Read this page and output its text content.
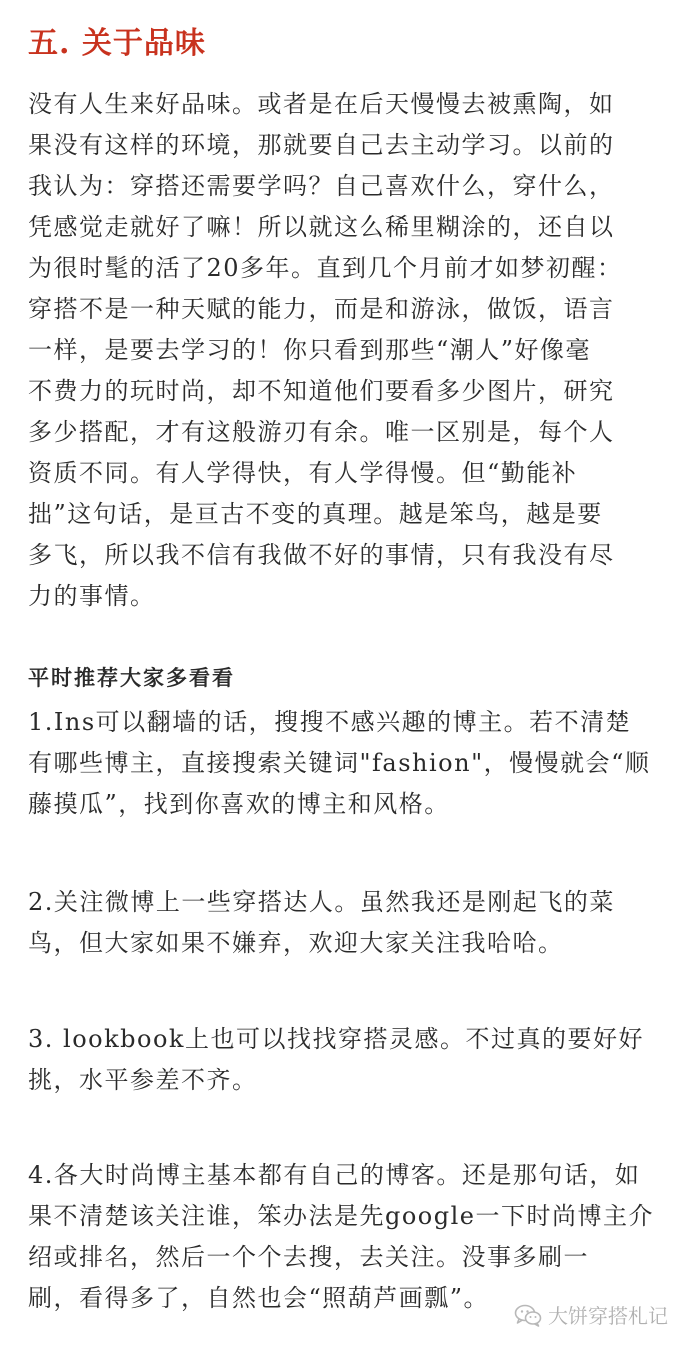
五. 关于品味

没有人生来好品味。或者是在后天慢慢去被熏陶，如
果没有这样的环境，那就要自己去主动学习。以前的
我认为：穿搭还需要学吗？自己喜欢什么，穿什么，
凭感觉走就好了嘛！所以就这么稀里糊涂的，还自以
为很时髦的活了20多年。直到几个月前才如梦初醒：
穿搭不是一种天赋的能力，而是和游泳，做饭，语言
一样，是要去学习的！你只看到那些“潮人”好像毫
不费力的玩时尚，却不知道他们要看多少图片，研究
多少搭配，才有这般游刃有余。唯一区别是，每个人
资质不同。有人学得快，有人学得慢。但“勤能补
拙”这句话，是亘古不变的真理。越是笨鸟，越是要
多飞，所以我不信有我做不好的事情，只有我没有尽
力的事情。

平时推荐大家多看看

1.Ins可以翻墙的话，搜搜不感兴趣的博主。若不清楚
有哪些博主，直接搜索关键词"fashion"，慢慢就会“顺
藤摸瓜”，找到你喜欢的博主和风格。

2.关注微博上一些穿搭达人。虽然我还是刚起飞的菜
鸟，但大家如果不嫌弃，欢迎大家关注我哈哈。

3. lookbook上也可以找找穿搭灵感。不过真的要好好
挑，水平参差不齐。

4.各大时尚博主基本都有自己的博客。还是那句话，如
果不清楚该关注谁，笨办法是先google一下时尚博主介
绍或排名，然后一个个去搜，去关注。没事多刷一
刷，看得多了，自然也会“照葫芦画瓢”。

大饼穿搭札记
